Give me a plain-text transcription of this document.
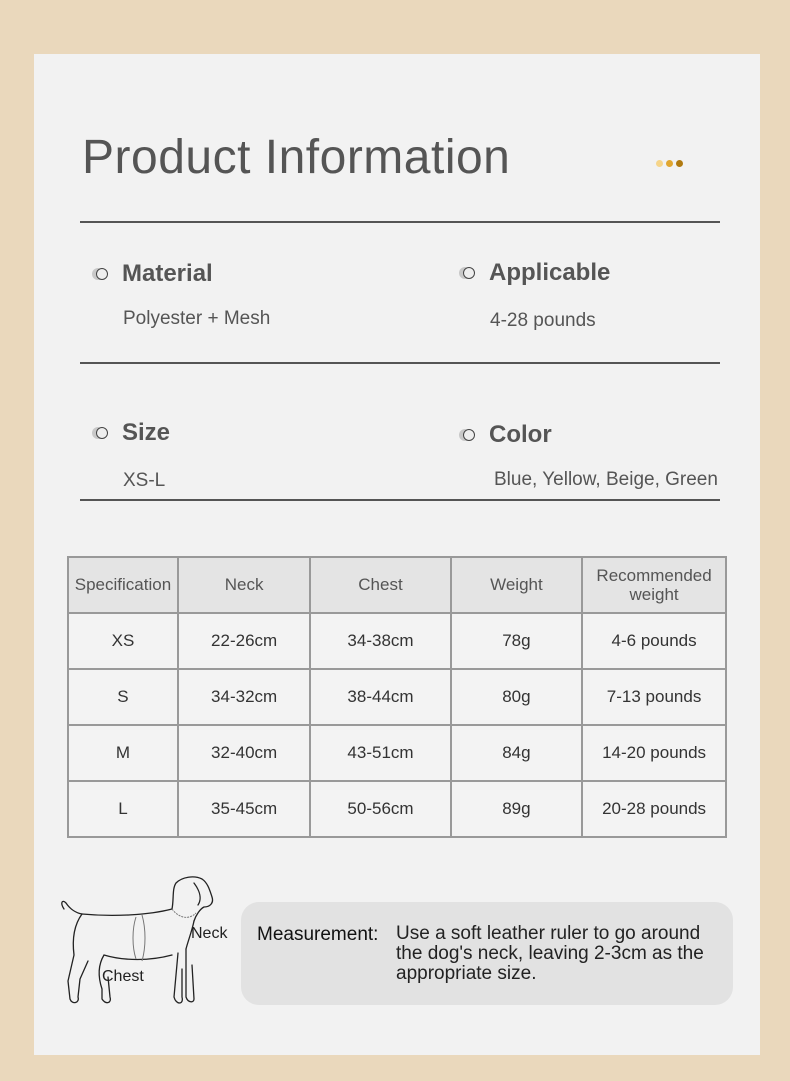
Product Information
Material
Polyester + Mesh
Applicable
4-28 pounds
Size
XS-L
Color
Blue, Yellow, Beige, Green
Specification	Neck	Chest	Weight	Recommended weight
XS	22-26cm	34-38cm	78g	4-6 pounds
S	34-32cm	38-44cm	80g	7-13 pounds
M	32-40cm	43-51cm	84g	14-20 pounds
L	35-45cm	50-56cm	89g	20-28 pounds
Neck
Chest
Measurement: Use a soft leather ruler to go around the dog's neck, leaving 2-3cm as the appropriate size.
